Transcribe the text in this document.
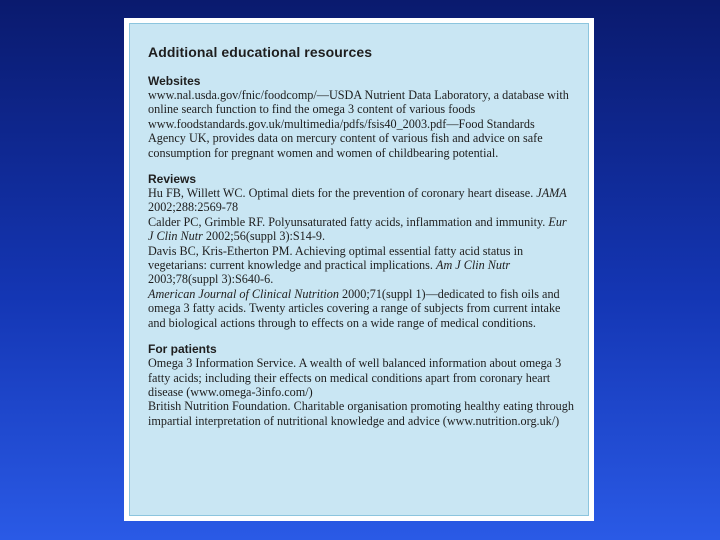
Additional educational resources
Websites
www.nal.usda.gov/fnic/foodcomp/—USDA Nutrient Data Laboratory, a database with online search function to find the omega 3 content of various foods
www.foodstandards.gov.uk/multimedia/pdfs/fsis40_2003.pdf—Food Standards Agency UK, provides data on mercury content of various fish and advice on safe consumption for pregnant women and women of childbearing potential.
Reviews
Hu FB, Willett WC. Optimal diets for the prevention of coronary heart disease. JAMA 2002;288:2569-78
Calder PC, Grimble RF. Polyunsaturated fatty acids, inflammation and immunity. Eur J Clin Nutr 2002;56(suppl 3):S14-9.
Davis BC, Kris-Etherton PM. Achieving optimal essential fatty acid status in vegetarians: current knowledge and practical implications. Am J Clin Nutr 2003;78(suppl 3):S640-6.
American Journal of Clinical Nutrition 2000;71(suppl 1)—dedicated to fish oils and omega 3 fatty acids. Twenty articles covering a range of subjects from current intake and biological actions through to effects on a wide range of medical conditions.
For patients
Omega 3 Information Service. A wealth of well balanced information about omega 3 fatty acids; including their effects on medical conditions apart from coronary heart disease (www.omega-3info.com/)
British Nutrition Foundation. Charitable organisation promoting healthy eating through impartial interpretation of nutritional knowledge and advice (www.nutrition.org.uk/)
